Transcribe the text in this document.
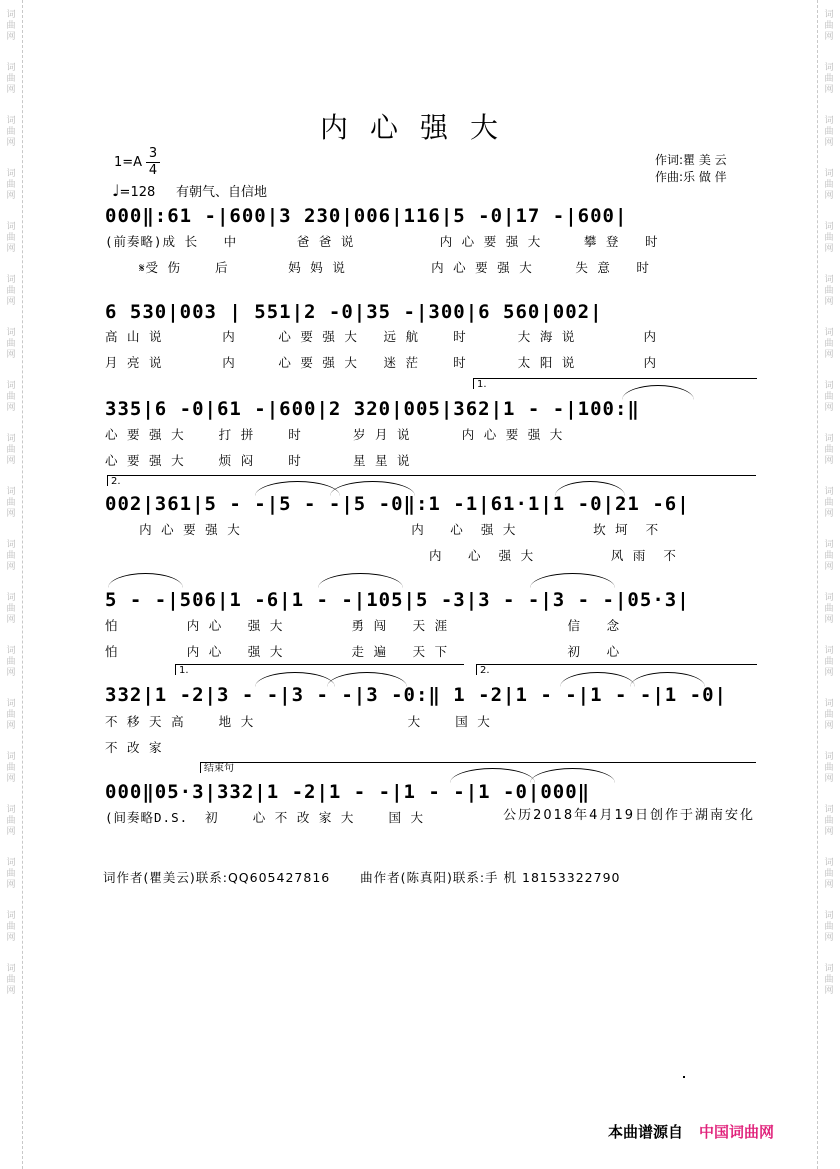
词
曲
网
词
曲
网
词
曲
网
词
曲
网
词
曲
网
词
曲
网
词
曲
网
词
曲
网
词
曲
网
词
曲
网
词
曲
网
词
曲
网
词
曲
网
词
曲
网
词
曲
网
词
曲
网
词
曲
网
词
曲
网
词
曲
网
词
曲
网
词
曲
网
词
曲
网
词
曲
网
词
曲
网
词
曲
网
词
曲
网
词
曲
网
词
曲
网
词
曲
网
词
曲
网
词
曲
网
词
曲
网
词
曲
网
词
曲
网
词
曲
网
词
曲
网
词
曲
网
词
曲
网
内心强大
1=A
3
4
♩=128 有朝气、自信地
作词:瞿 美 云
作曲:乐 做 伴
000‖:61 -|600|3 230|006|116|5 -0|17 -|600|
(前奏略)成 长   中       爸 爸 说          内 心 要 强 大     攀 登   时
𝄋受 伤    后       妈 妈 说          内 心 要 强 大     失 意   时
6 530|003 | 551|2 -0|35 -|300|6 560|002|
高 山 说       内     心 要 强 大   远 航    时      大 海 说        内
月 亮 说       内     心 要 强 大   迷 茫    时      太 阳 说        内
1.
335|6 -0|61 -|600|2 320|005|362|1 - -|100:‖
心 要 强 大    打 拼    时      岁 月 说      内 心 要 强 大
心 要 强 大    烦 闷    时      星 星 说
2.
002|361|5 - -|5 - -|5 -0‖:1 -1|61·1|1 -0|21 -6|
内 心 要 强 大                    内   心  强 大         坎 坷  不
内   心  强 大         风 雨  不
5 - -|506|1 -6|1 - -|105|5 -3|3 - -|3 - -|05·3|
怕        内 心   强 大        勇 闯   天 涯              信   念
怕        内 心   强 大        走 遍   天 下              初   心
1.	2.
332|1 -2|3 - -|3 - -|3 -0:‖ 1 -2|1 - -|1 - -|1 -0|
不 移 天 高    地 大                  大    国 大
不 改 家
结束句
000‖05·3|332|1 -2|1 - -|1 - -|1 -0|000‖
(间奏略D.S.  初    心 不 改 家 大    国 大	公历2018年4月19日创作于湖南安化
词作者(瞿美云)联系:QQ605427816 曲作者(陈真阳)联系:手 机 18153322790
本曲谱源自 中国词曲网
